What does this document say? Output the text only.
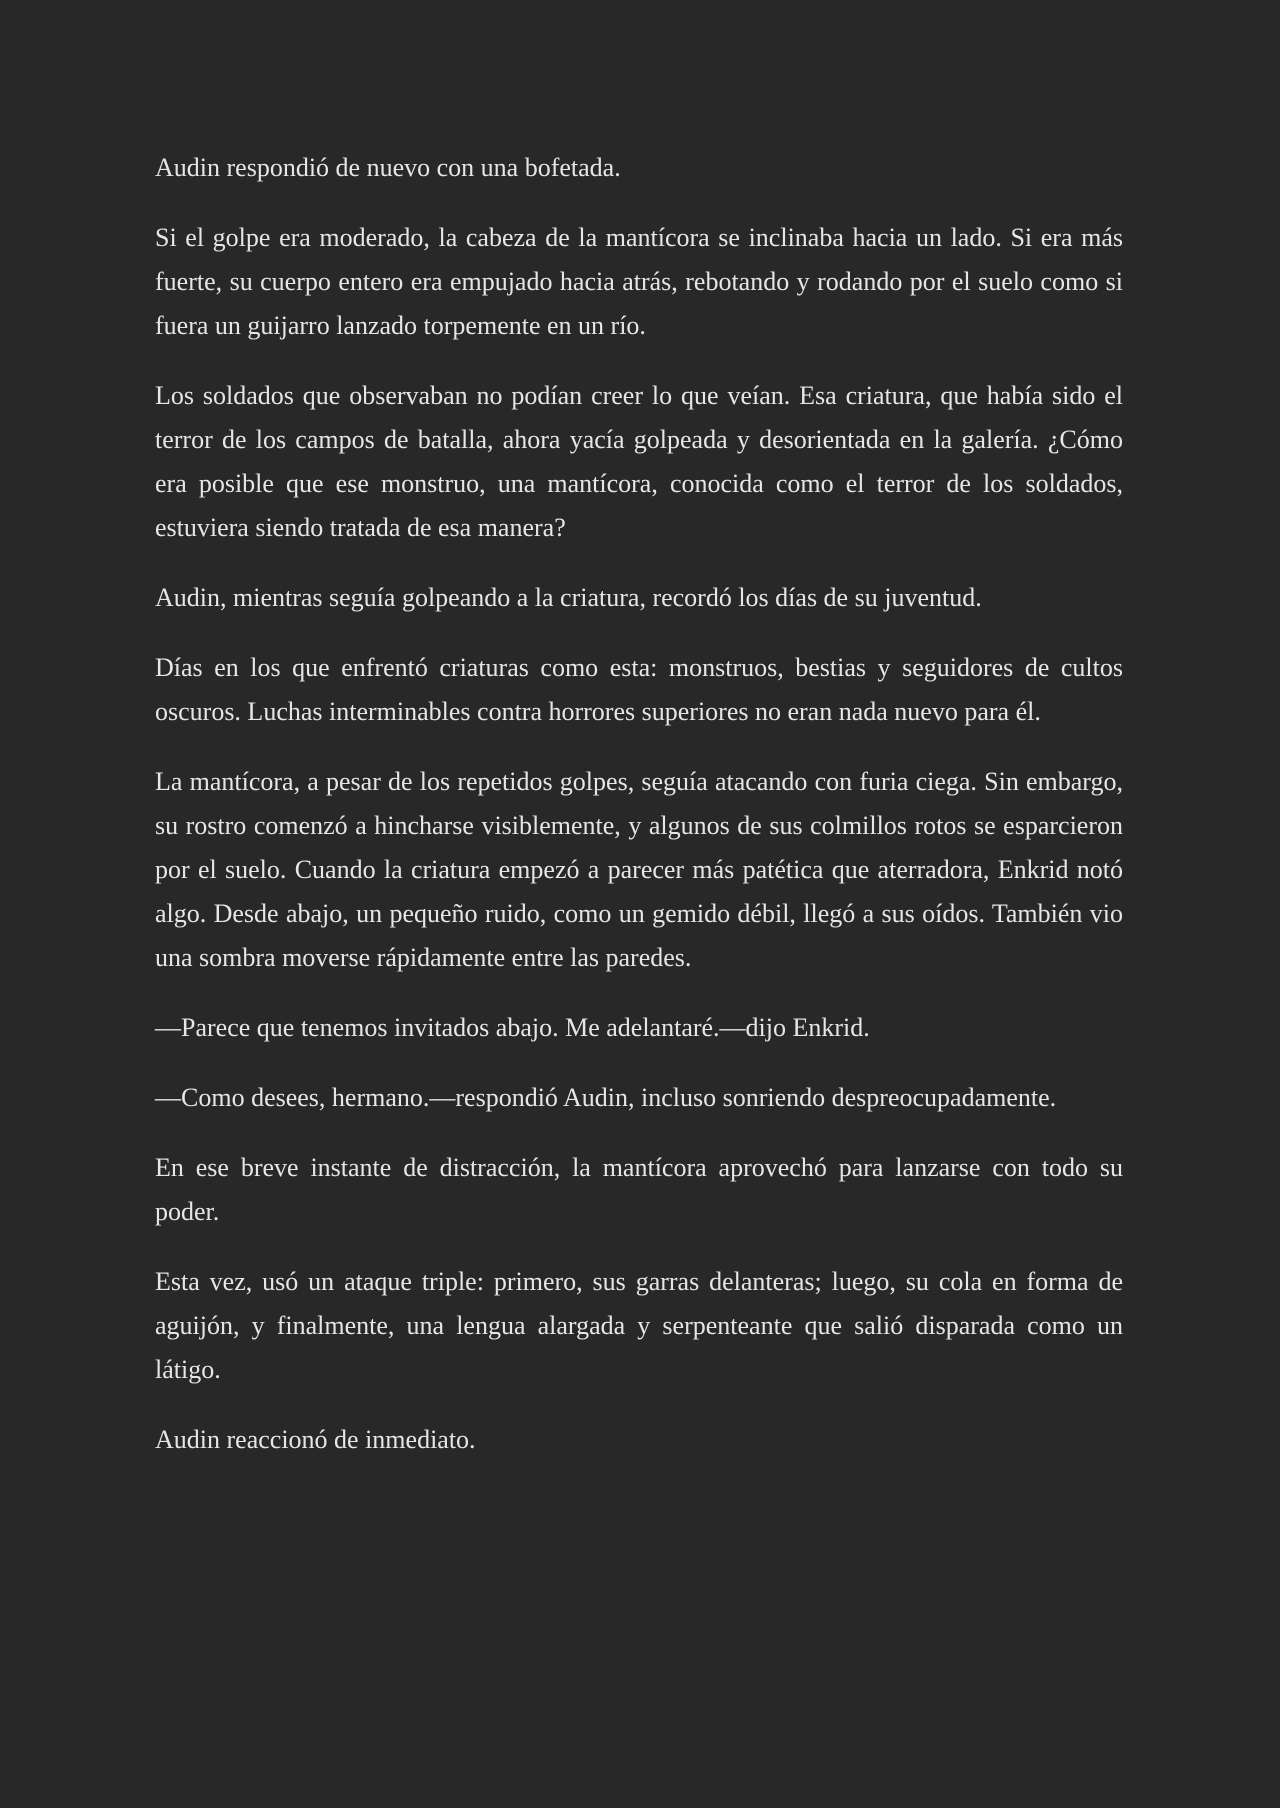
Audin respondió de nuevo con una bofetada.

Si el golpe era moderado, la cabeza de la mantícora se inclinaba hacia un lado. Si era más fuerte, su cuerpo entero era empujado hacia atrás, rebotando y rodando por el suelo como si fuera un guijarro lanzado torpemente en un río.

Los soldados que observaban no podían creer lo que veían. Esa criatura, que había sido el terror de los campos de batalla, ahora yacía golpeada y desorientada en la galería. ¿Cómo era posible que ese monstruo, una mantícora, conocida como el terror de los soldados, estuviera siendo tratada de esa manera?

Audin, mientras seguía golpeando a la criatura, recordó los días de su juventud.

Días en los que enfrentó criaturas como esta: monstruos, bestias y seguidores de cultos oscuros. Luchas interminables contra horrores superiores no eran nada nuevo para él.

La mantícora, a pesar de los repetidos golpes, seguía atacando con furia ciega. Sin embargo, su rostro comenzó a hincharse visiblemente, y algunos de sus colmillos rotos se esparcieron por el suelo. Cuando la criatura empezó a parecer más patética que aterradora, Enkrid notó algo. Desde abajo, un pequeño ruido, como un gemido débil, llegó a sus oídos. También vio una sombra moverse rápidamente entre las paredes.

—Parece que tenemos invitados abajo. Me adelantaré.—dijo Enkrid.

—Como desees, hermano.—respondió Audin, incluso sonriendo despreocupadamente.

En ese breve instante de distracción, la mantícora aprovechó para lanzarse con todo su poder.

Esta vez, usó un ataque triple: primero, sus garras delanteras; luego, su cola en forma de aguijón, y finalmente, una lengua alargada y serpenteante que salió disparada como un látigo.

Audin reaccionó de inmediato.
